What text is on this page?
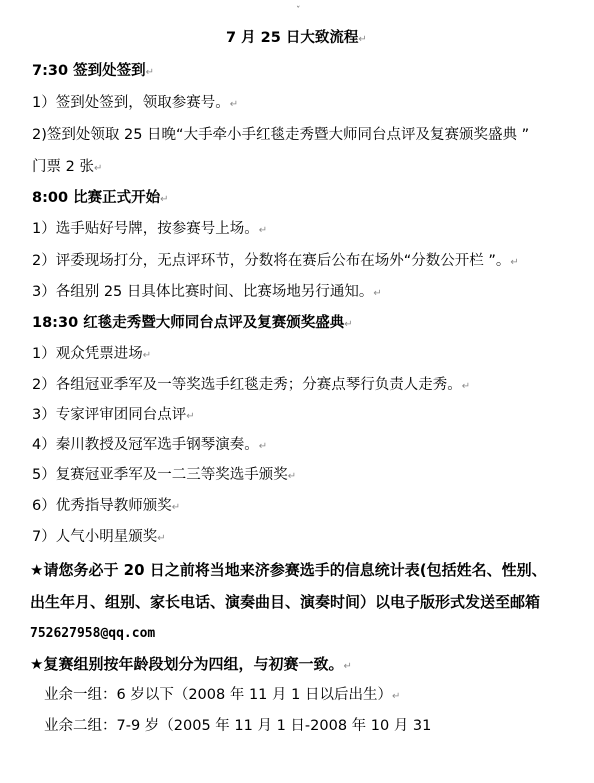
ˇ
7 月 25 日大致流程↵
7:30 签到处签到↵
1）签到处签到，领取参赛号。↵
2)签到处领取 25 日晚“大手牵小手红毯走秀暨大师同台点评及复赛颁奖盛典 ”
门票 2 张↵
8:00 比赛正式开始↵
1）选手贴好号牌，按参赛号上场。↵
2）评委现场打分，无点评环节，分数将在赛后公布在场外“分数公开栏 ”。↵
3）各组别 25 日具体比赛时间、比赛场地另行通知。↵
18:30 红毯走秀暨大师同台点评及复赛颁奖盛典↵
1）观众凭票进场↵
2）各组冠亚季军及一等奖选手红毯走秀；分赛点琴行负责人走秀。↵
3）专家评审团同台点评↵
4）秦川教授及冠军选手钢琴演奏。↵
5）复赛冠亚季军及一二三等奖选手颁奖↵
6）优秀指导教师颁奖↵
7）人气小明星颁奖↵
★请您务必于 20 日之前将当地来济参赛选手的信息统计表(包括姓名、性别、
出生年月、组别、家长电话、演奏曲目、演奏时间）以电子版形式发送至邮箱
752627958@qq.com
★复赛组别按年龄段划分为四组，与初赛一致。↵
业余一组：6 岁以下（2008 年 11 月 1 日以后出生）↵
业余二组：7-9 岁（2005 年 11 月 1 日-2008 年 10 月 31
